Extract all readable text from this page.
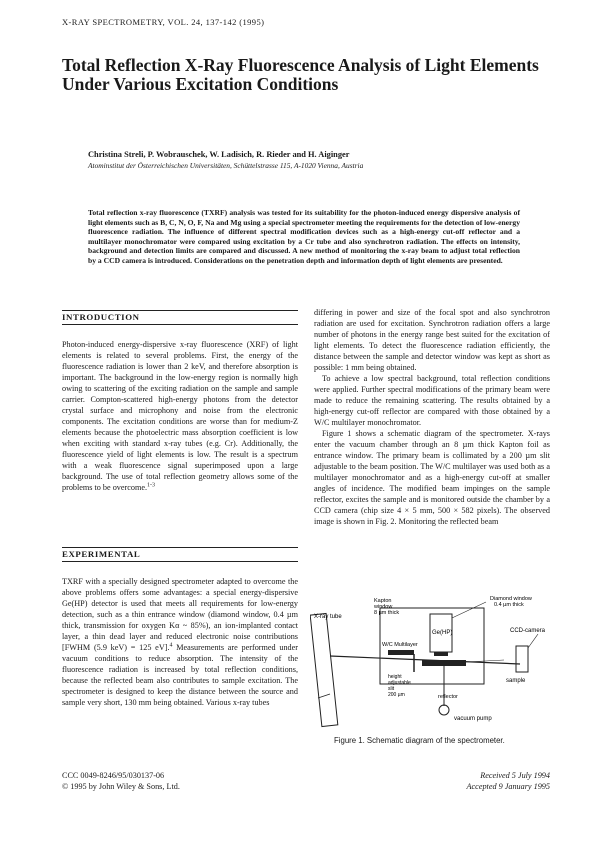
X-RAY SPECTROMETRY, VOL. 24, 137-142 (1995)
Total Reflection X-Ray Fluorescence Analysis of Light Elements Under Various Excitation Conditions
Christina Streli, P. Wobrauschek, W. Ladisich, R. Rieder and H. Aiginger
Atominstitut der Österreichischen Universitäten, Schüttelstrasse 115, A-1020 Vienna, Austria
Total reflection x-ray fluorescence (TXRF) analysis was tested for its suitability for the photon-induced energy dispersive analysis of light elements such as B, C, N, O, F, Na and Mg using a special spectrometer meeting the requirements for the detection of low-energy fluorescence radiation. The influence of different spectral modification devices such as a high-energy cut-off reflector and a multilayer monochromator were compared using excitation by a Cr tube and also synchrotron radiation. The effects on intensity, background and detection limits are compared and discussed. A new method of monitoring the x-ray beam to adjust total reflection by a CCD camera is introduced. Considerations on the penetration depth and information depth of light elements are presented.
INTRODUCTION

Photon-induced energy-dispersive x-ray fluorescence (XRF) of light elements is related to several problems. First, the energy of the fluorescence radiation is lower than 2 keV, and therefore absorption is important. The background in the low-energy region is normally high owing to scattering of the exciting radiation on the sample and sample carrier. Compton-scattered high-energy photons from the detector crystal surface and microphony and noise from the electronic components. The excitation conditions are worse than for medium-Z elements because the photoelectric mass absorption coefficient is low when exciting with standard x-ray tubes (e.g. Cr). Additionally, the fluorescence yield of light elements is low. The result is a spectrum with a weak fluorescence signal superimposed upon a large background. The use of total reflection geometry allows some of the problems to be overcome.$^{1-3}$

EXPERIMENTAL

TXRF with a specially designed spectrometer adapted to overcome the above problems offers some advantages: a special energy-dispersive Ge(HP) detector is used that meets all requirements for low-energy detection, such as a thin entrance window (diamond window, 0.4 µm thick, transmission for oxygen Kα ~ 85%), an ion-implanted contact layer, a thin dead layer and reduced electronic noise contributions [FWHM (5.9 keV) = 125 eV].$^4$ Measurements are performed under vacuum conditions to reduce absorption. The intensity of the fluorescence radiation is increased by total reflection conditions, because the reflected beam also contributes to sample excitation. The spectrometer is designed to keep the distance between the source and sample very short, 130 mm being obtained. Various x-ray tubes

differing in power and size of the focal spot and also synchrotron radiation are used for excitation. Synchrotron radiation offers a large number of photons in the energy range best suited for the excitation of light elements. To detect the fluorescence radiation efficiently, the distance between the sample and detector window was kept as short as possible: 1 mm being obtained.

To achieve a low spectral background, total reflection conditions were applied. Further spectral modifications of the primary beam were made to reduce the remaining scattering. The results obtained by a high-energy cut-off reflector are compared with those obtained by a W/C multilayer monochromator.

Figure 1 shows a schematic diagram of the spectrometer. X-rays enter the vacuum chamber through an 8 µm thick Kapton foil as entrance window. The primary beam is collimated by a 200 µm slit adjustable to the beam position. The W/C multilayer was used both as a multilayer monochromator and as a high-energy cut-off at smaller angles of incidence. The modified beam impinges on the sample reflector, excites the sample and is monitored outside the chamber by a CCD camera (chip size 4 × 5 mm, 500 × 582 pixels). The observed image is shown in Fig. 2. Monitoring the reflected beam

X-ray tube
Kapton window 8 µm thick
W/C Multilayer
Ge(HP)
Diamond window 0.4 µm thick
CCD-camera
sample
height adjustable slit 200 µm	reflector
vacuum pump
Figure 1. Schematic diagram of the spectrometer.
CCC 0049-8246/95/030137-06
© 1995 by John Wiley & Sons, Ltd.
Received 5 July 1994
Accepted 9 January 1995
